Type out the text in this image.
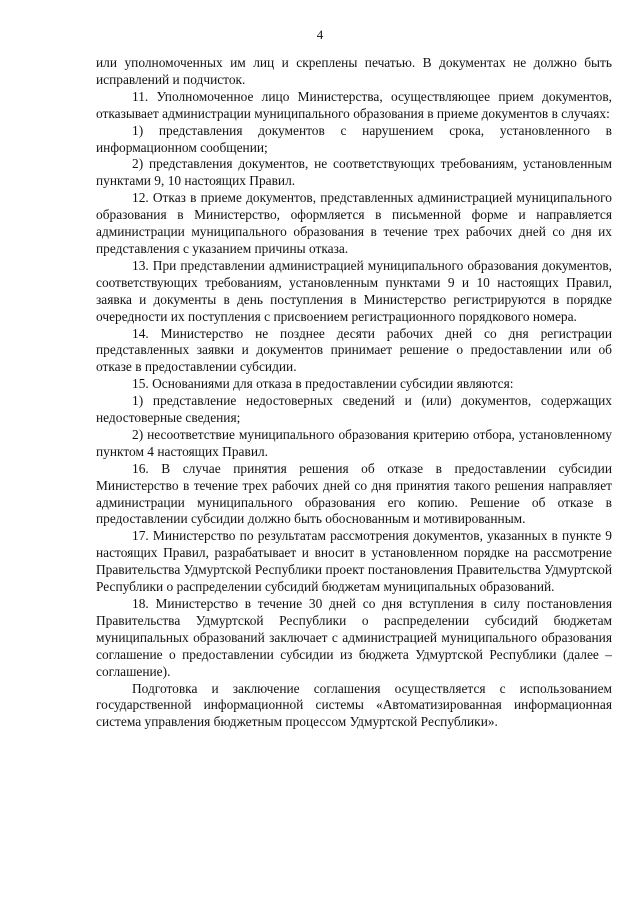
4

или уполномоченных им лиц и скреплены печатью. В документах не должно быть исправлений и подчисток.

11. Уполномоченное лицо Министерства, осуществляющее прием документов, отказывает администрации муниципального образования в приеме документов в случаях:

1) представления документов с нарушением срока, установленного в информационном сообщении;

2) представления документов, не соответствующих требованиям, установленным пунктами 9, 10 настоящих Правил.

12. Отказ в приеме документов, представленных администрацией муниципального образования в Министерство, оформляется в письменной форме и направляется администрации муниципального образования в течение трех рабочих дней со дня их представления с указанием причины отказа.

13. При представлении администрацией муниципального образования документов, соответствующих требованиям, установленным пунктами 9 и 10 настоящих Правил, заявка и документы в день поступления в Министерство регистрируются в порядке очередности их поступления с присвоением регистрационного порядкового номера.

14. Министерство не позднее десяти рабочих дней со дня регистрации представленных заявки и документов принимает решение о предоставлении или об отказе в предоставлении субсидии.

15. Основаниями для отказа в предоставлении субсидии являются:

1) представление недостоверных сведений и (или) документов, содержащих недостоверные сведения;

2) несоответствие муниципального образования критерию отбора, установленному пунктом 4 настоящих Правил.

16. В случае принятия решения об отказе в предоставлении субсидии Министерство в течение трех рабочих дней со дня принятия такого решения направляет администрации муниципального образования его копию. Решение об отказе в предоставлении субсидии должно быть обоснованным и мотивированным.

17. Министерство по результатам рассмотрения документов, указанных в пункте 9 настоящих Правил, разрабатывает и вносит в установленном порядке на рассмотрение Правительства Удмуртской Республики проект постановления Правительства Удмуртской Республики о распределении субсидий бюджетам муниципальных образований.

18. Министерство в течение 30 дней со дня вступления в силу постановления Правительства Удмуртской Республики о распределении субсидий бюджетам муниципальных образований заключает с администрацией муниципального образования соглашение о предоставлении субсидии из бюджета Удмуртской Республики (далее – соглашение).

Подготовка и заключение соглашения осуществляется с использованием государственной информационной системы «Автоматизированная информационная система управления бюджетным процессом Удмуртской Республики».
